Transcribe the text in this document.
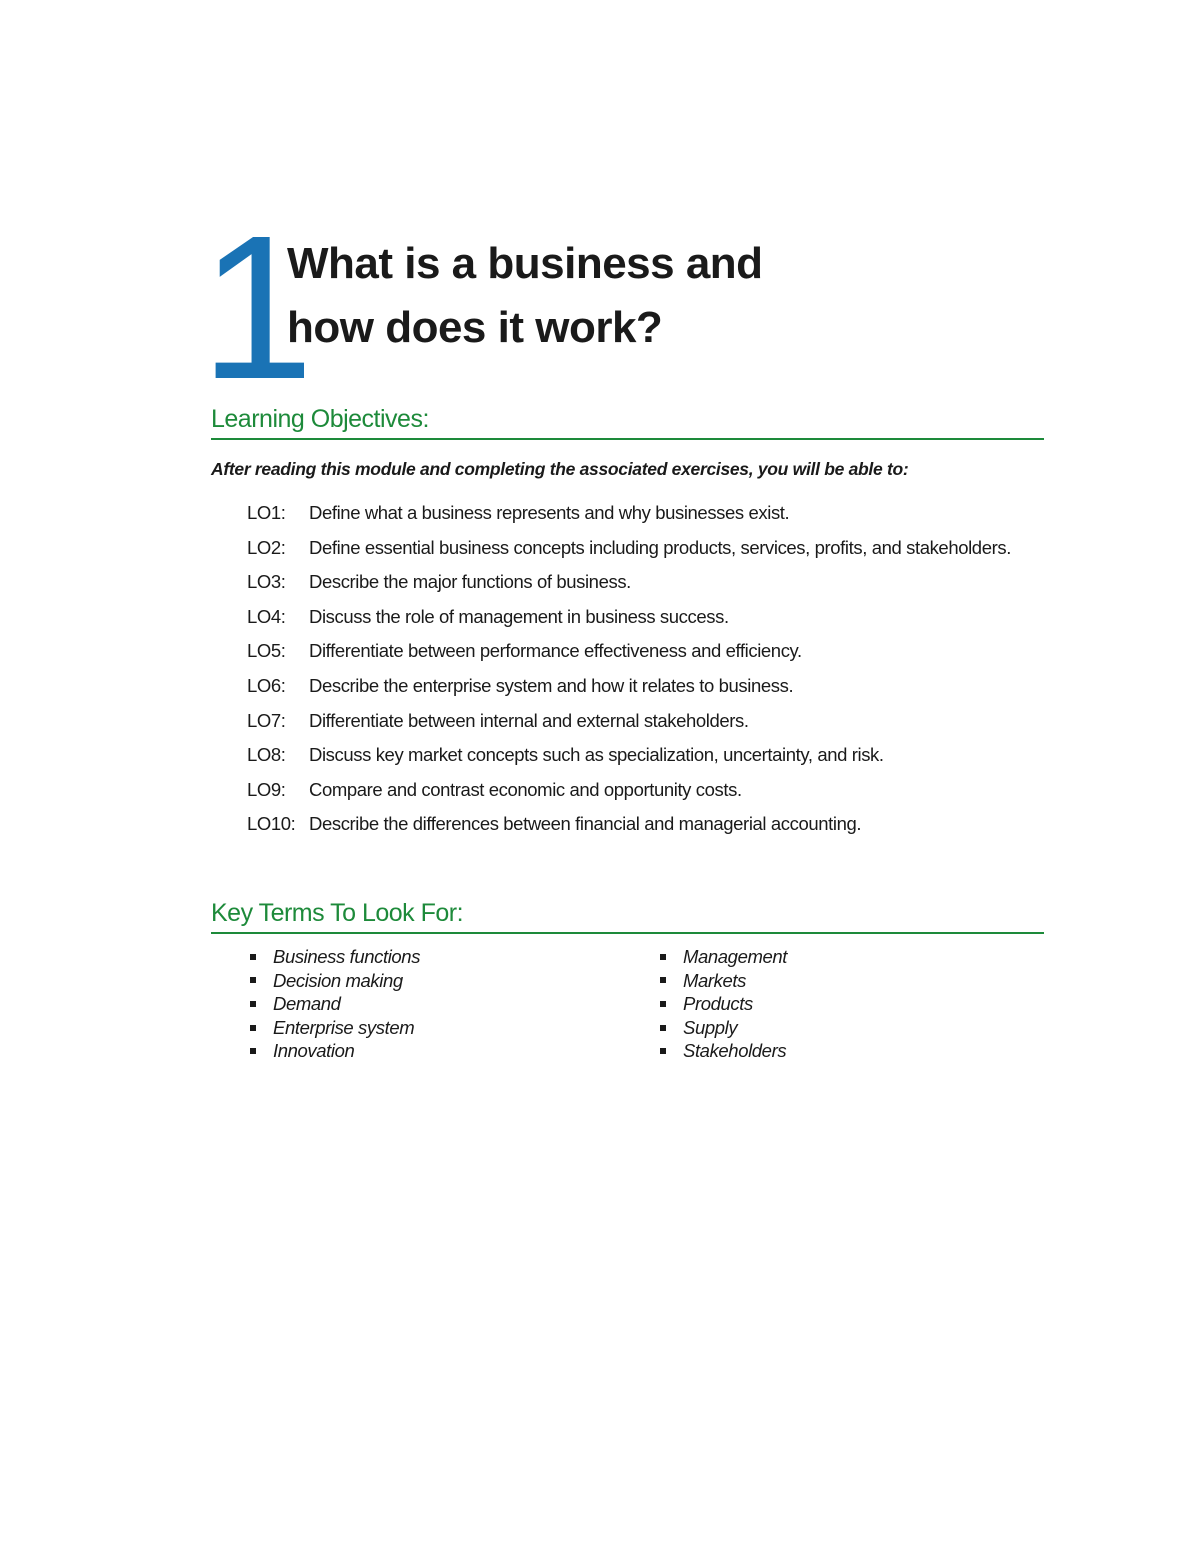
1
What is a business and
how does it work?
Learning Objectives:
After reading this module and completing the associated exercises, you will be able to:
LO1:	Define what a business represents and why businesses exist.
LO2:	Define essential business concepts including products, services, profits, and stakeholders.
LO3:	Describe the major functions of business.
LO4:	Discuss the role of management in business success.
LO5:	Differentiate between performance effectiveness and efficiency.
LO6:	Describe the enterprise system and how it relates to business.
LO7:	Differentiate between internal and external stakeholders.
LO8:	Discuss key market concepts such as specialization, uncertainty, and risk.
LO9:	Compare and contrast economic and opportunity costs.
LO10: Describe the differences between financial and managerial accounting.
Key Terms To Look For:
Business functions
Decision making
Demand
Enterprise system
Innovation
Management
Markets
Products
Supply
Stakeholders
